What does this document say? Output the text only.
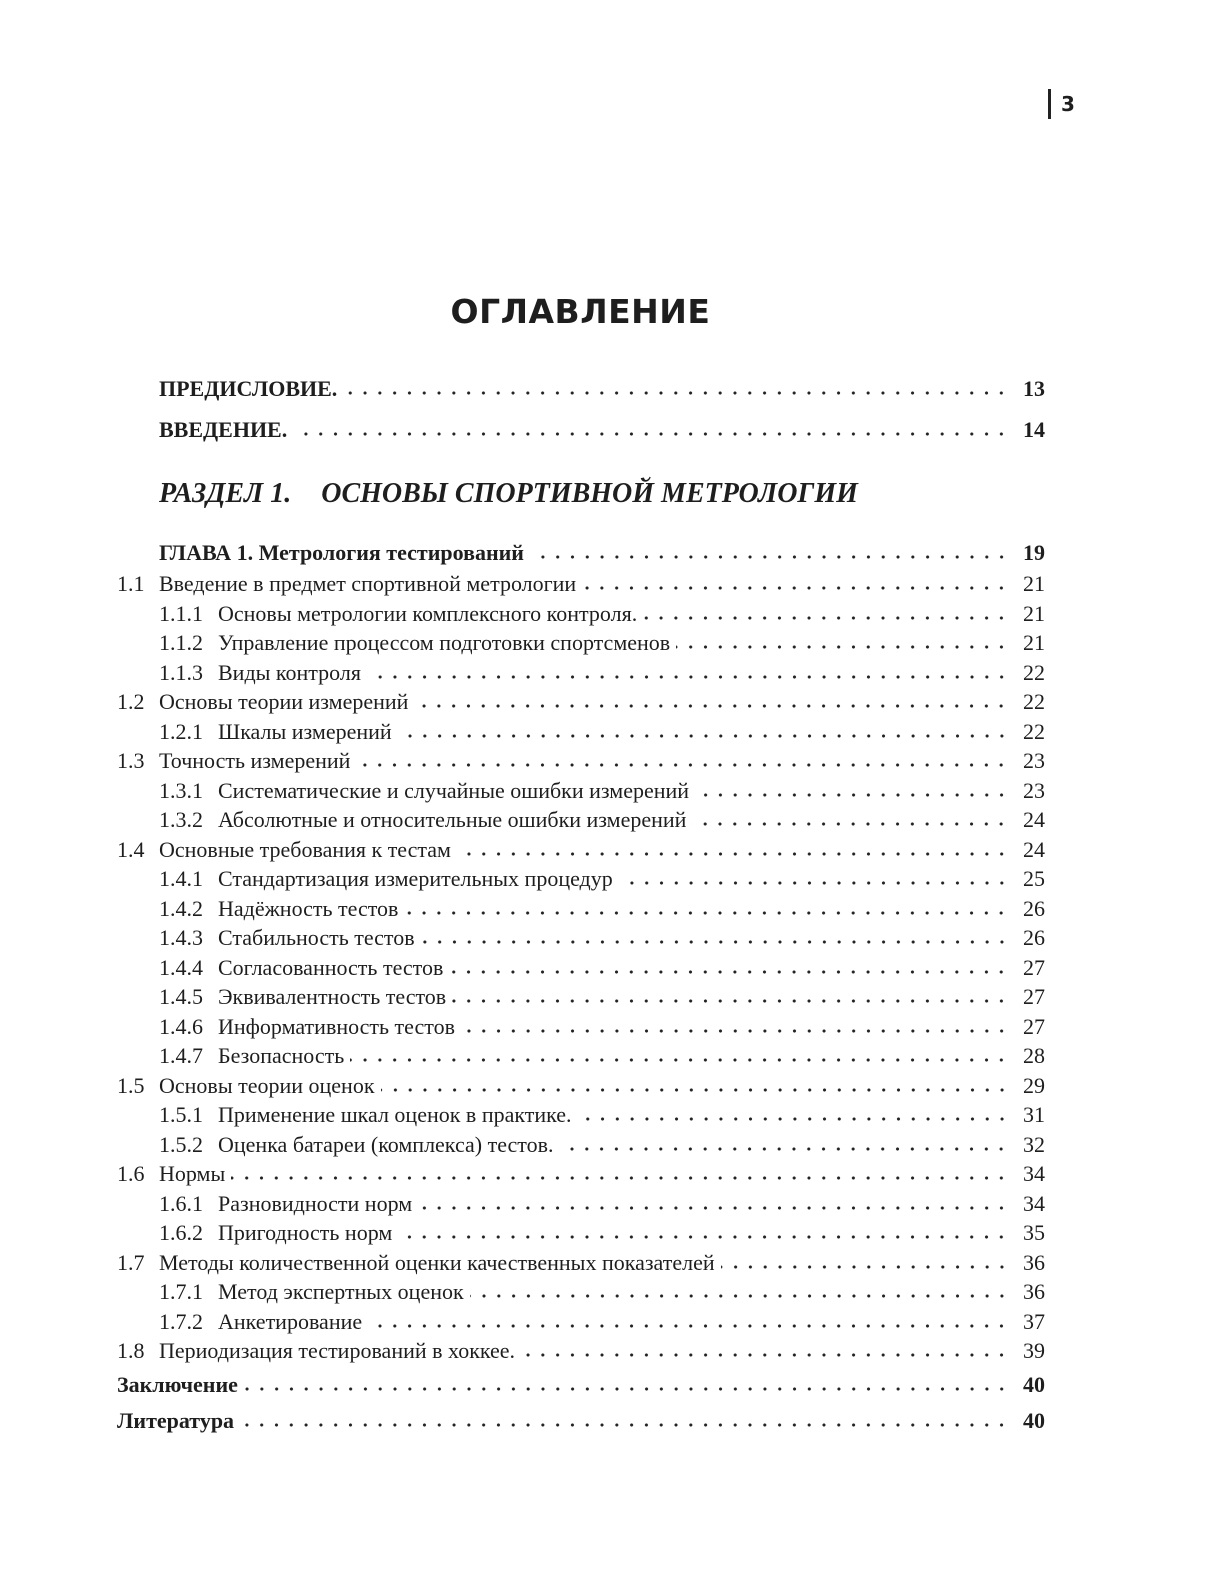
3
ОГЛАВЛЕНИЕ
ПРЕДИСЛОВИЕ.	13
ВВЕДЕНИЕ.	14
РАЗДЕЛ 1. ОСНОВЫ СПОРТИВНОЙ МЕТРОЛОГИИ
ГЛАВА 1. Метрология тестирований	19
1.1 Введение в предмет спортивной метрологии	21
1.1.1 Основы метрологии комплексного контроля.	21
1.1.2 Управление процессом подготовки спортсменов	21
1.1.3 Виды контроля	22
1.2 Основы теории измерений	22
1.2.1 Шкалы измерений	22
1.3 Точность измерений	23
1.3.1 Систематические и случайные ошибки измерений	23
1.3.2 Абсолютные и относительные ошибки измерений	24
1.4 Основные требования к тестам	24
1.4.1 Стандартизация измерительных процедур	25
1.4.2 Надёжность тестов	26
1.4.3 Стабильность тестов	26
1.4.4 Согласованность тестов	27
1.4.5 Эквивалентность тестов	27
1.4.6 Информативность тестов	27
1.4.7 Безопасность	28
1.5 Основы теории оценок	29
1.5.1 Применение шкал оценок в практике.	31
1.5.2 Оценка батареи (комплекса) тестов.	32
1.6 Нормы	34
1.6.1 Разновидности норм	34
1.6.2 Пригодность норм	35
1.7 Методы количественной оценки качественных показателей	36
1.7.1 Метод экспертных оценок	36
1.7.2 Анкетирование	37
1.8 Периодизация тестирований в хоккее.	39
Заключение	40
Литература	40
